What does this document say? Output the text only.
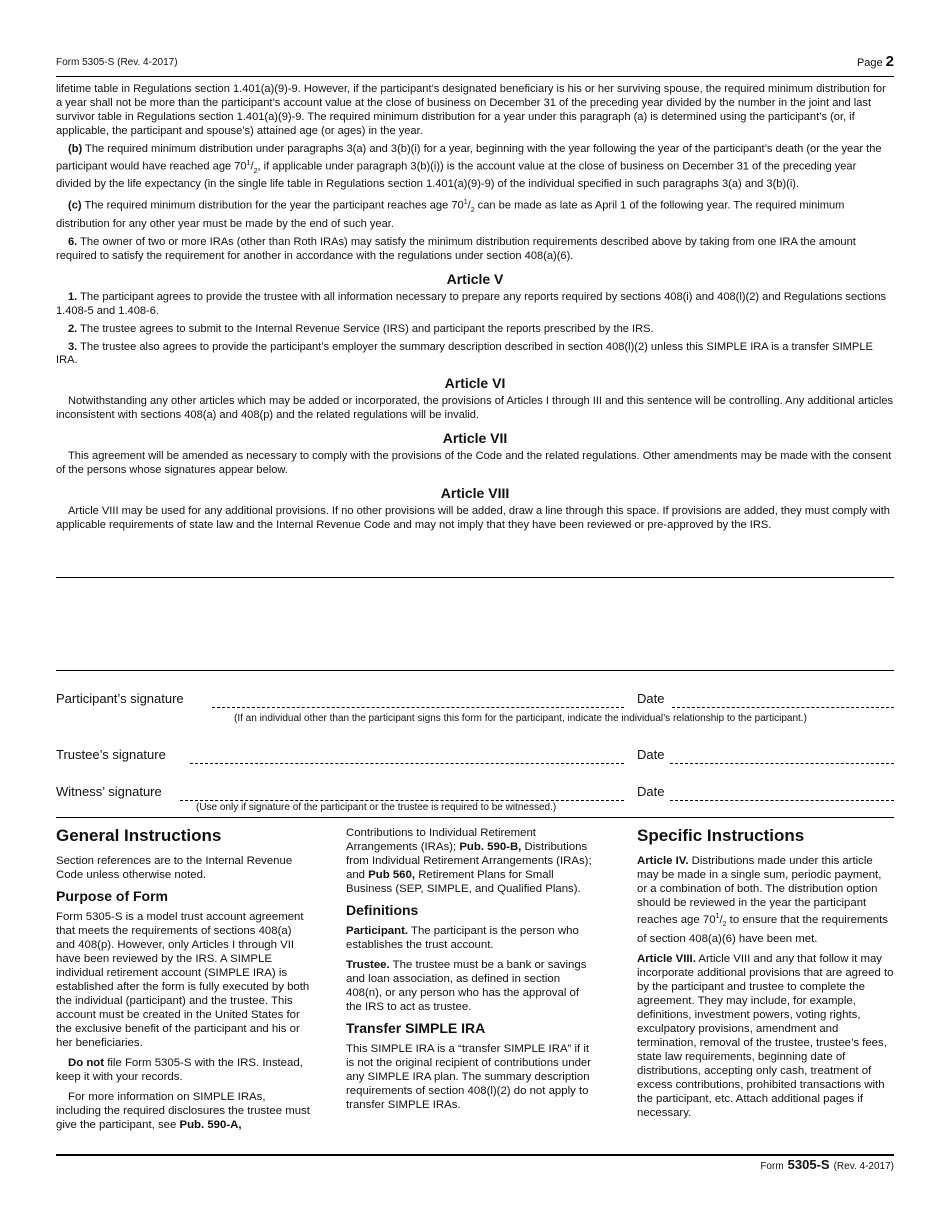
Form 5305-S (Rev. 4-2017)	Page 2

lifetime table in Regulations section 1.401(a)(9)-9. However, if the participant’s designated beneficiary is his or her surviving spouse, the required minimum distribution for a year shall not be more than the participant’s account value at the close of business on December 31 of the preceding year divided by the number in the joint and last survivor table in Regulations section 1.401(a)(9)-9. The required minimum distribution for a year under this paragraph (a) is determined using the participant’s (or, if applicable, the participant and spouse’s) attained age (or ages) in the year.

(b) The required minimum distribution under paragraphs 3(a) and 3(b)(i) for a year, beginning with the year following the year of the participant’s death (or the year the participant would have reached age $70^1/_2$, if applicable under paragraph 3(b)(i)) is the account value at the close of business on December 31 of the preceding year divided by the life expectancy (in the single life table in Regulations section 1.401(a)(9)-9) of the individual specified in such paragraphs 3(a) and 3(b)(i).

(c) The required minimum distribution for the year the participant reaches age $70^1/_2$ can be made as late as April 1 of the following year. The required minimum distribution for any other year must be made by the end of such year.

6. The owner of two or more IRAs (other than Roth IRAs) may satisfy the minimum distribution requirements described above by taking from one IRA the amount required to satisfy the requirement for another in accordance with the regulations under section 408(a)(6).

Article V

1. The participant agrees to provide the trustee with all information necessary to prepare any reports required by sections 408(i) and 408(l)(2) and Regulations sections 1.408-5 and 1.408-6.

2. The trustee agrees to submit to the Internal Revenue Service (IRS) and participant the reports prescribed by the IRS.

3. The trustee also agrees to provide the participant’s employer the summary description described in section 408(l)(2) unless this SIMPLE IRA is a transfer SIMPLE IRA.

Article VI

Notwithstanding any other articles which may be added or incorporated, the provisions of Articles I through III and this sentence will be controlling. Any additional articles inconsistent with sections 408(a) and 408(p) and the related regulations will be invalid.

Article VII

This agreement will be amended as necessary to comply with the provisions of the Code and the related regulations. Other amendments may be made with the consent of the persons whose signatures appear below.

Article VIII

Article VIII may be used for any additional provisions. If no other provisions will be added, draw a line through this space. If provisions are added, they must comply with applicable requirements of state law and the Internal Revenue Code and may not imply that they have been reviewed or pre-approved by the IRS.

Participant’s signature	Date
(If an individual other than the participant signs this form for the participant, indicate the individual’s relationship to the participant.)
Trustee’s signature	Date
Witness’ signature	Date
(Use only if signature of the participant or the trustee is required to be witnessed.)
General Instructions

Section references are to the Internal Revenue Code unless otherwise noted.

Purpose of Form

Form 5305-S is a model trust account agreement that meets the requirements of sections 408(a) and 408(p). However, only Articles I through VII have been reviewed by the IRS. A SIMPLE individual retirement account (SIMPLE IRA) is established after the form is fully executed by both the individual (participant) and the trustee. This account must be created in the United States for the exclusive benefit of the participant and his or her beneficiaries.

Do not file Form 5305-S with the IRS. Instead, keep it with your records.

For more information on SIMPLE IRAs, including the required disclosures the trustee must give the participant, see Pub. 590-A,

Contributions to Individual Retirement Arrangements (IRAs); Pub. 590-B, Distributions from Individual Retirement Arrangements (IRAs); and Pub 560, Retirement Plans for Small Business (SEP, SIMPLE, and Qualified Plans).

Definitions

Participant. The participant is the person who establishes the trust account.

Trustee. The trustee must be a bank or savings and loan association, as defined in section 408(n), or any person who has the approval of the IRS to act as trustee.

Transfer SIMPLE IRA

This SIMPLE IRA is a “transfer SIMPLE IRA” if it is not the original recipient of contributions under any SIMPLE IRA plan. The summary description requirements of section 408(l)(2) do not apply to transfer SIMPLE IRAs.

Specific Instructions

Article IV. Distributions made under this article may be made in a single sum, periodic payment, or a combination of both. The distribution option should be reviewed in the year the participant reaches age $70^1/_2$ to ensure that the requirements of section 408(a)(6) have been met.

Article VIII. Article VIII and any that follow it may incorporate additional provisions that are agreed to by the participant and trustee to complete the agreement. They may include, for example, definitions, investment powers, voting rights, exculpatory provisions, amendment and termination, removal of the trustee, trustee’s fees, state law requirements, beginning date of distributions, accepting only cash, treatment of excess contributions, prohibited transactions with the participant, etc. Attach additional pages if necessary.

Form 5305-S (Rev. 4-2017)
